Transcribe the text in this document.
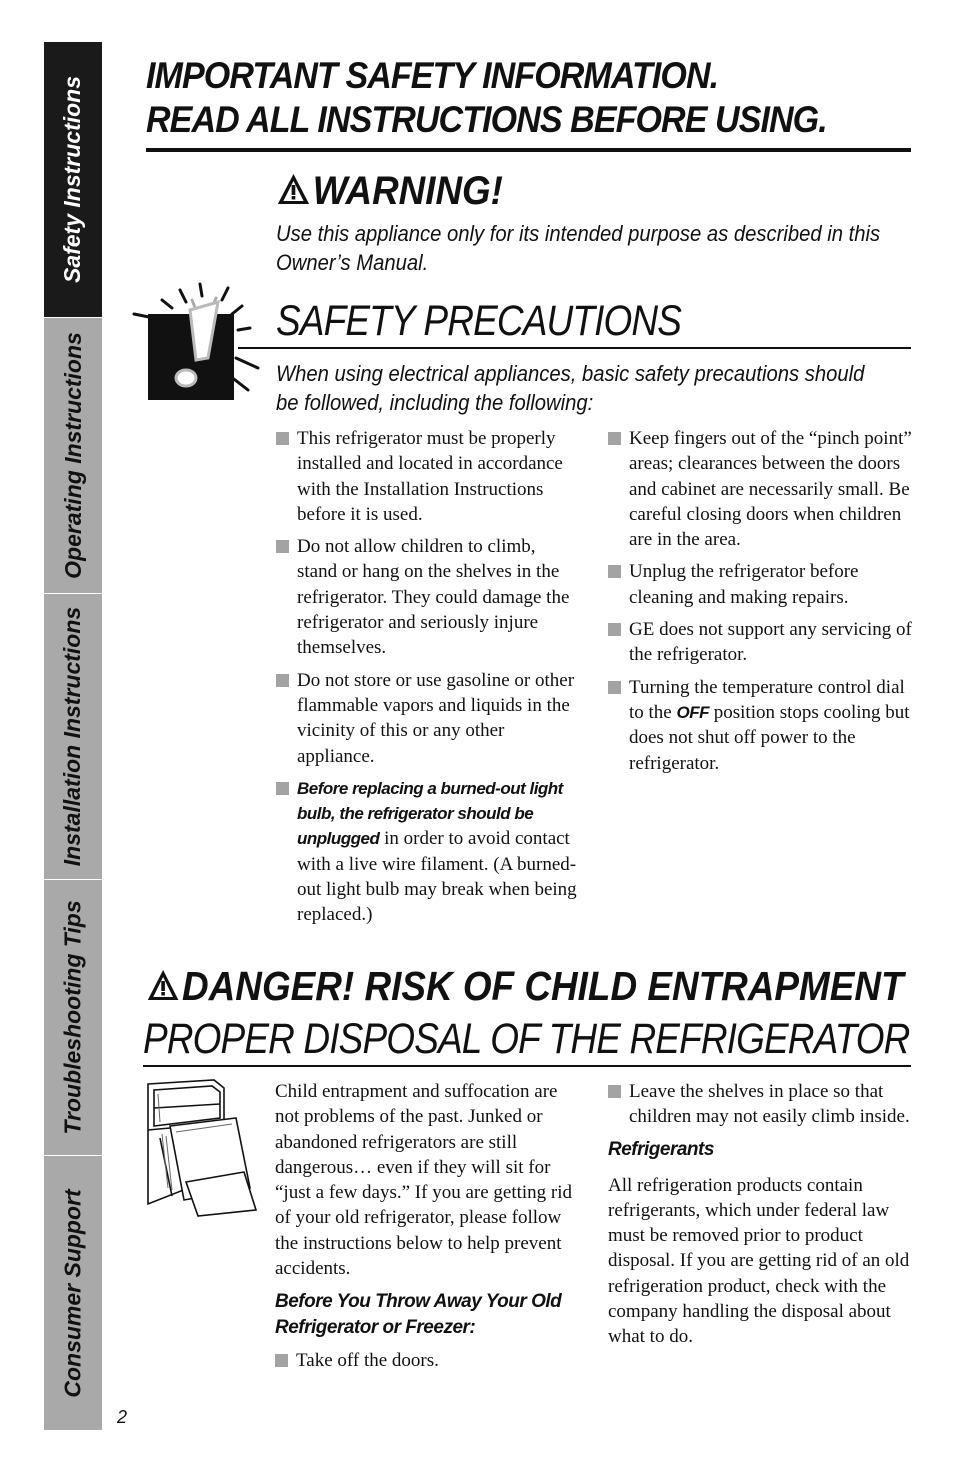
Safety Instructions
Operating Instructions
Installation Instructions
Troubleshooting Tips
Consumer Support
IMPORTANT SAFETY INFORMATION.
READ ALL INSTRUCTIONS BEFORE USING.
WARNING!
Use this appliance only for its intended purpose as described in this Owner’s Manual.
SAFETY PRECAUTIONS
When using electrical appliances, basic safety precautions should be followed, including the following:
This refrigerator must be properly installed and located in accordance with the Installation Instructions before it is used.
Do not allow children to climb, stand or hang on the shelves in the refrigerator. They could damage the refrigerator and seriously injure themselves.
Do not store or use gasoline or other flammable vapors and liquids in the vicinity of this or any other appliance.
Before replacing a burned-out light bulb, the refrigerator should be unplugged in order to avoid contact with a live wire filament. (A burned-out light bulb may break when being replaced.)
Keep fingers out of the “pinch point” areas; clearances between the doors and cabinet are necessarily small. Be careful closing doors when children are in the area.
Unplug the refrigerator before cleaning and making repairs.
GE does not support any servicing of the refrigerator.
Turning the temperature control dial to the OFF position stops cooling but does not shut off power to the refrigerator.
DANGER! RISK OF CHILD ENTRAPMENT
PROPER DISPOSAL OF THE REFRIGERATOR
Child entrapment and suffocation are not problems of the past. Junked or abandoned refrigerators are still dangerous… even if they will sit for “just a few days.” If you are getting rid of your old refrigerator, please follow the instructions below to help prevent accidents.
Before You Throw Away Your Old Refrigerator or Freezer:
Take off the doors.
Leave the shelves in place so that children may not easily climb inside.
Refrigerants
All refrigeration products contain refrigerants, which under federal law must be removed prior to product disposal. If you are getting rid of an old refrigeration product, check with the company handling the disposal about what to do.
2
